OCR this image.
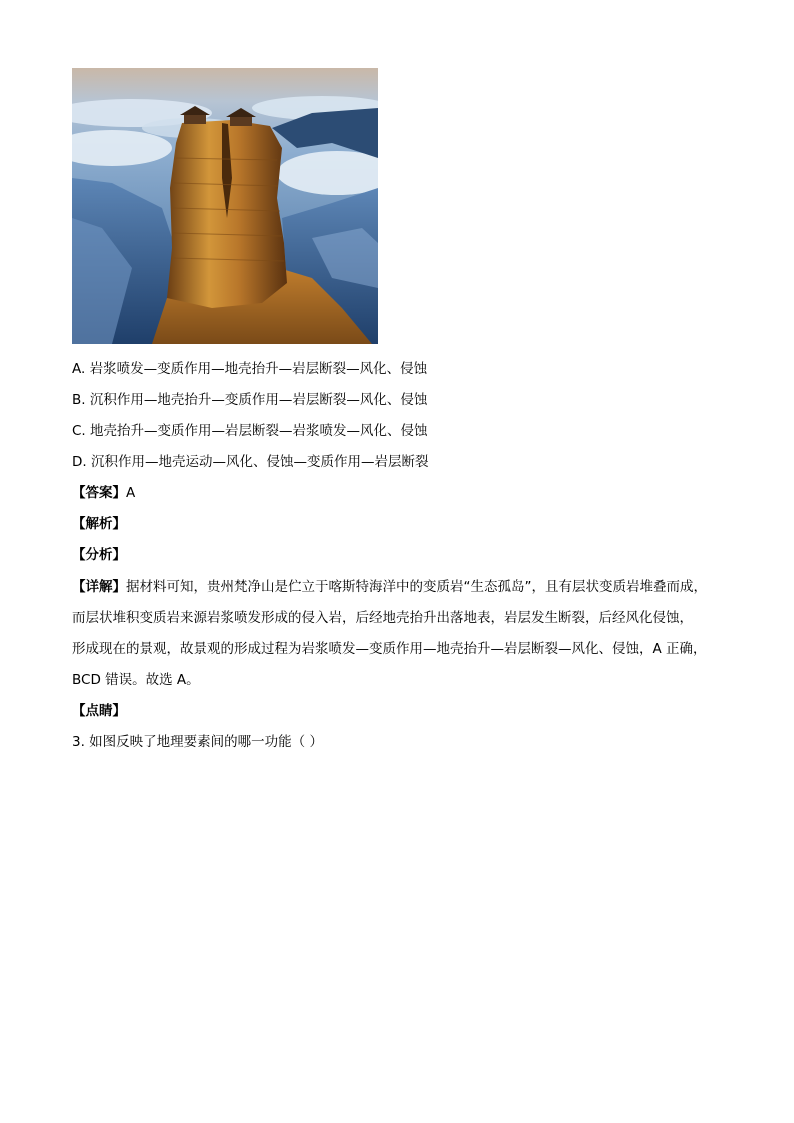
A. 岩浆喷发—变质作用—地壳抬升—岩层断裂—风化、侵蚀
B. 沉积作用—地壳抬升—变质作用—岩层断裂—风化、侵蚀
C. 地壳抬升—变质作用—岩层断裂—岩浆喷发—风化、侵蚀
D. 沉积作用—地壳运动—风化、侵蚀—变质作用—岩层断裂
【答案】A
【解析】
【分析】
【详解】据材料可知，贵州梵净山是伫立于喀斯特海洋中的变质岩“生态孤岛”，且有层状变质岩堆叠而成，
而层状堆积变质岩来源岩浆喷发形成的侵入岩，后经地壳抬升出落地表，岩层发生断裂，后经风化侵蚀，
形成现在的景观，故景观的形成过程为岩浆喷发—变质作用—地壳抬升—岩层断裂—风化、侵蚀，A 正确，
BCD 错误。故选 A。
【点睛】
3. 如图反映了地理要素间的哪一功能（ ）
